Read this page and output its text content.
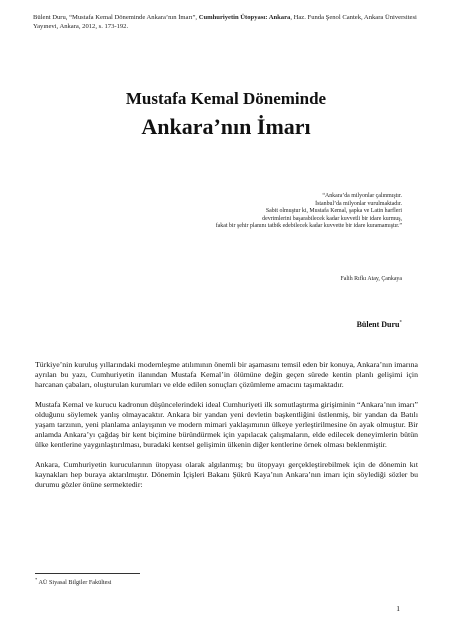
Bülent Duru, “Mustafa Kemal Döneminde Ankara’nın İmarı”, Cumhuriyetin Ütopyası: Ankara, Haz. Funda Şenol Cantek, Ankara Üniversitesi Yayınevi, Ankara, 2012, s. 173-192.
Mustafa Kemal Döneminde
Ankara’nın İmarı
“Ankara’da milyonlar çalınmıştır.
İstanbul’da milyonlar vurulmaktadır.
Sabit olmuştur ki, Mustafa Kemal, şapka ve Latin harfleri
devrimlerini başarabilecek kadar kuvvetli bir idare kurmuş,
fakat bir şehir planını tatbik edebilecek kadar kuvvette bir idare kuramamıştır.”
Falih Rıfkı Atay, Çankaya
Bülent Duru*

Türkiye’nin kuruluş yıllarındaki modernleşme atılımının önemli bir aşamasını temsil eden bir konuya, Ankara’nın imarına ayrılan bu yazı, Cumhuriyetin ilanından Mustafa Kemal’in ölümüne değin geçen sürede kentin planlı gelişimi için harcanan çabaları, oluşturulan kurumları ve elde edilen sonuçları çözümleme amacını taşımaktadır.

Mustafa Kemal ve kurucu kadronun düşüncelerindeki ideal Cumhuriyeti ilk somutlaştırma girişiminin “Ankara’nın imarı” olduğunu söylemek yanlış olmayacaktır. Ankara bir yandan yeni devletin başkentliğini üstlenmiş, bir yandan da Batılı yaşam tarzının, yeni planlama anlayışının ve modern mimari yaklaşımının ülkeye yerleştirilmesine ön ayak olmuştur. Bir anlamda Ankara’yı çağdaş bir kent biçimine büründürmek için yapılacak çalışmaların, elde edilecek deneyimlerin bütün ülke kentlerine yaygınlaştırılması, buradaki kentsel gelişimin ülkenin diğer kentlerine örnek olması beklenmiştir.

Ankara, Cumhuriyetin kurucularının ütopyası olarak algılanmış; bu ütopyayı gerçekleştirebilmek için de dönemin kıt kaynakları hep buraya aktarılmıştır. Dönemin İçişleri Bakanı Şükrü Kaya’nın Ankara’nın imarı için söylediği sözler bu durumu gözler önüne sermektedir:

* AÜ Siyasal Bilgiler Fakültesi
1
